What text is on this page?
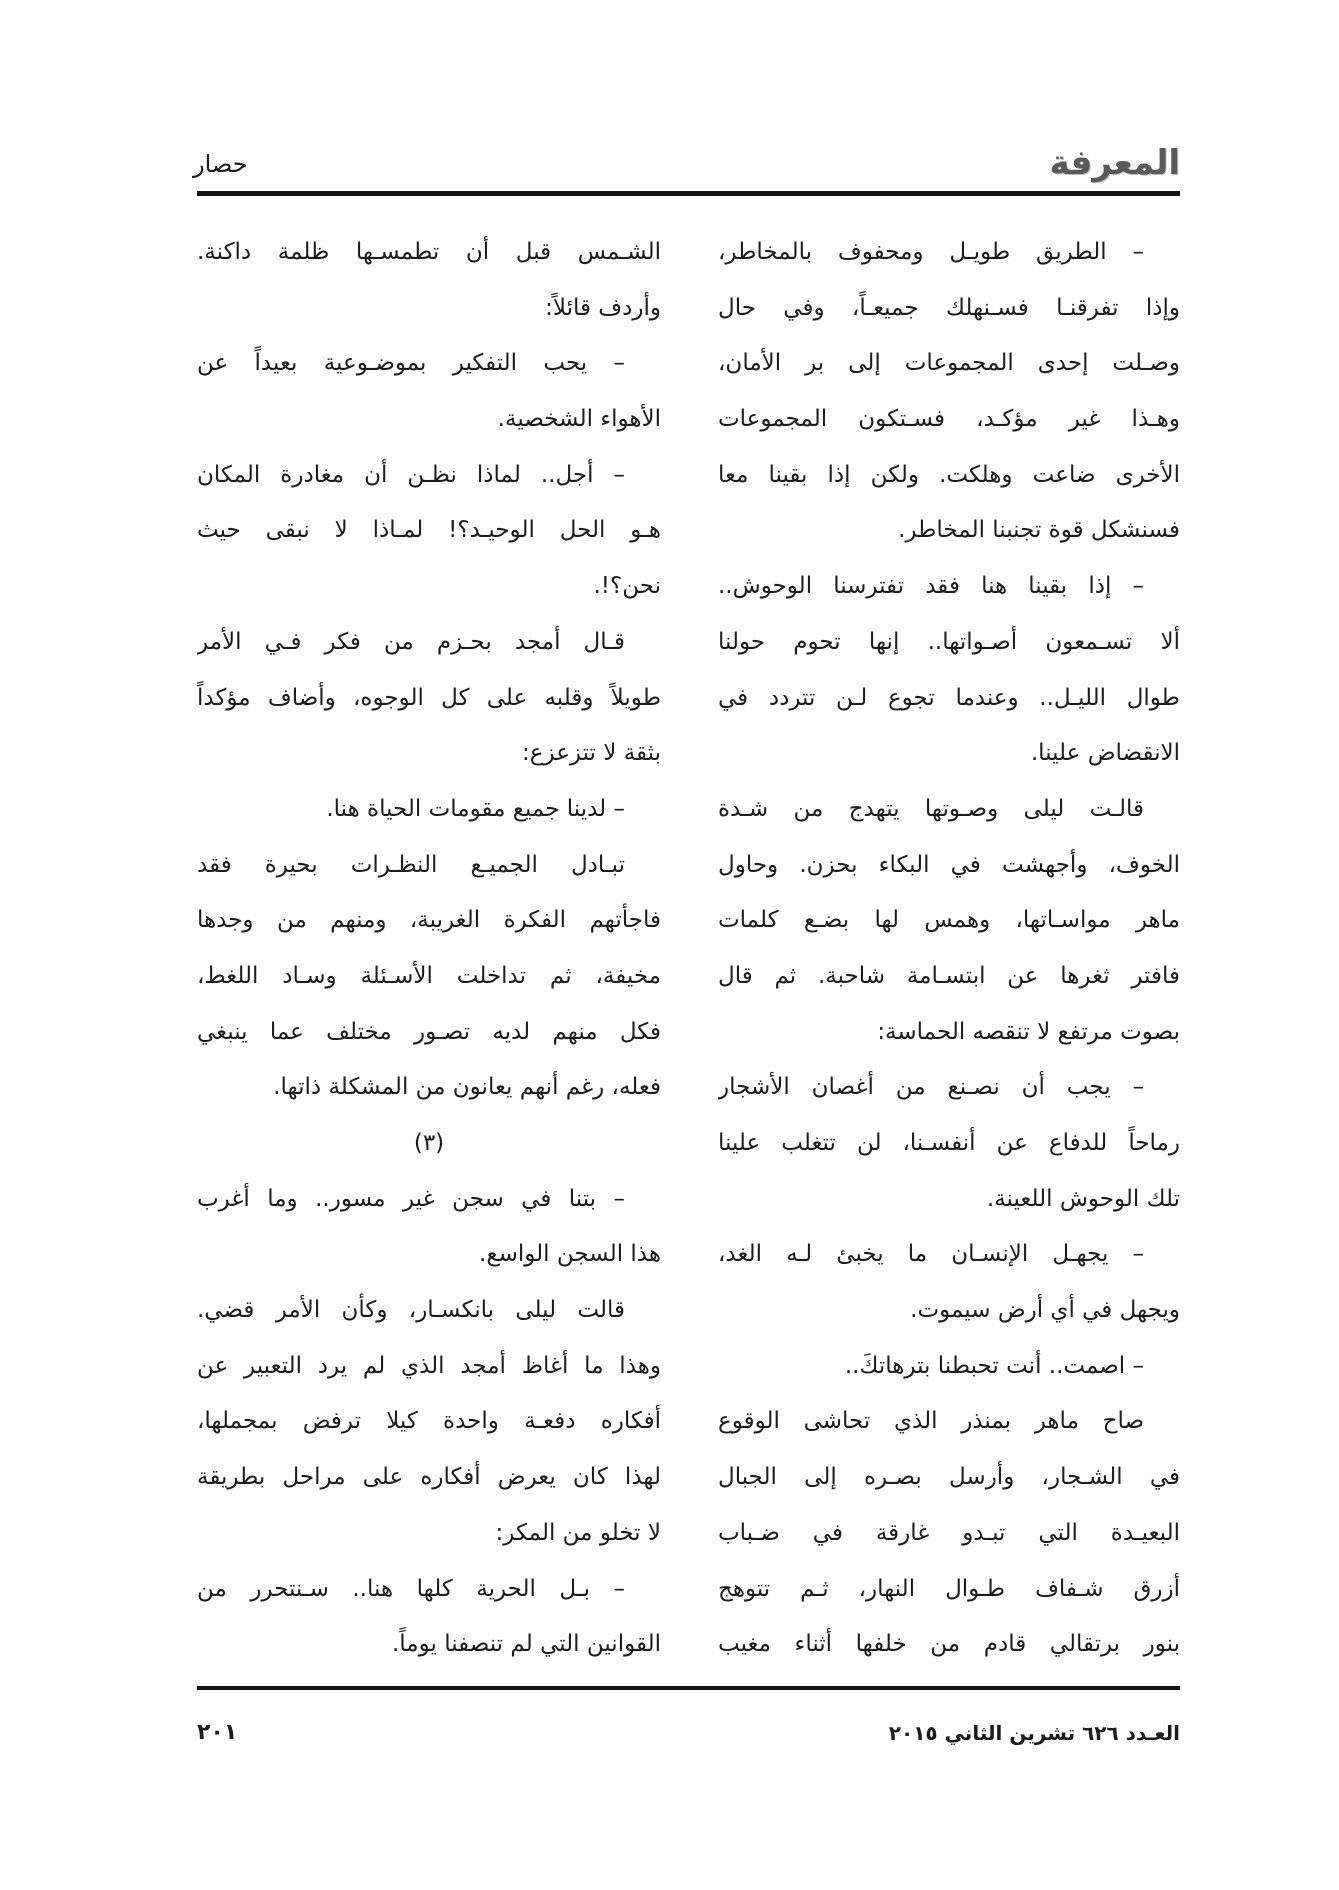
المعرفة
حصار
– الطريق طويـل ومحفوف بالمخاطر،
وإذا تفرقنـا فسـنهلك جميعـاً، وفي حال
وصـلت إحدى المجموعات إلى بر الأمان،
وهـذا غير مؤكـد، فسـتكون المجموعات
الأخرى ضاعت وهلكت. ولكن إذا بقينا معا
فسنشكل قوة تجنبنا المخاطر.
– إذا بقينا هنا فقد تفترسنا الوحوش..
ألا تسـمعون أصـواتها.. إنها تحوم حولنا
طوال الليـل.. وعندما تجوع لـن تتردد في
الانقضاض علينا.
قالـت ليلى وصـوتها يتهدج من شـدة
الخوف، وأجهشت في البكاء بحزن. وحاول
ماهر مواسـاتها، وهمس لها بضـع كلمات
فافتر ثغرها عن ابتسـامة شاحبة. ثم قال
بصوت مرتفع لا تنقصه الحماسة:
– يجب أن نصـنع من أغصان الأشجار
رماحاً للدفاع عن أنفسـنا، لن تتغلب علينا
تلك الوحوش اللعينة.
– يجهـل الإنسـان ما يخبئ لـه الغد،
ويجهل في أي أرض سيموت.
– اصمت.. أنت تحبطنا بترهاتكَ..
صاح ماهر بمنذر الذي تحاشى الوقوع
في الشـجار، وأرسل بصـره إلى الجبال
البعيـدة التي تبـدو غارقة في ضـباب
أزرق شـفاف طـوال النهار، ثـم تتوهج
بنور برتقالي قادم من خلفها أثناء مغيب
الشـمس قبل أن تطمسـها ظلمة داكنة.
وأردف قائلاً:
– يحب التفكير بموضـوعية بعيداً عن
الأهواء الشخصية.
– أجل.. لماذا نظـن أن مغادرة المكان
هـو الحل الوحيـد؟! لمـاذا لا نبقى حيث
نحن؟!.
قـال أمجد بحـزم من فكر فـي الأمر
طويلاً وقلبه على كل الوجوه، وأضاف مؤكداً
بثقة لا تتزعزع:
– لدينا جميع مقومات الحياة هنا.
تبـادل الجميـع النظـرات بحيرة فقد
فاجأتهم الفكرة الغريبة، ومنهم من وجدها
مخيفة، ثم تداخلت الأسـئلة وسـاد اللغط،
فكل منهم لديه تصـور مختلف عما ينبغي
فعله، رغم أنهم يعانون من المشكلة ذاتها.
(٣)
– بتنا في سجن غير مسور.. وما أغرب
هذا السجن الواسع.
قالت ليلى بانكسـار، وكأن الأمر قضي.
وهذا ما أغاظ أمجد الذي لم يرد التعبير عن
أفكاره دفعـة واحدة كيلا ترفض بمجملها،
لهذا كان يعرض أفكاره على مراحل بطريقة
لا تخلو من المكر:
– بـل الحرية كلها هنا.. سـنتحرر من
القوانين التي لم تنصفنا يوماً.
العـدد ٦٢٦ تشرين الثاني ٢٠١٥
٢٠١
